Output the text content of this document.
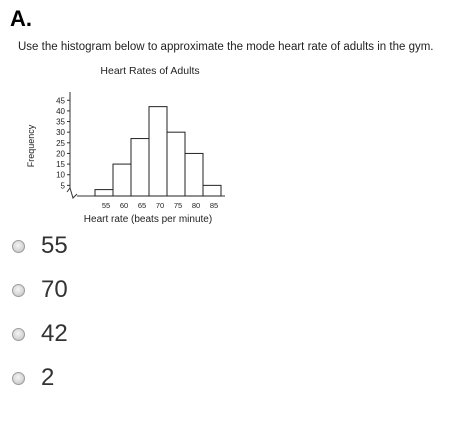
A.
Use the histogram below to approximate the mode heart rate of adults in the gym.
Heart Rates of Adults
5
10
15
20
25
30
35
40
45
Frequency
55 60 65 70 75 80 85
Heart rate (beats per minute)
55
70
42
2
